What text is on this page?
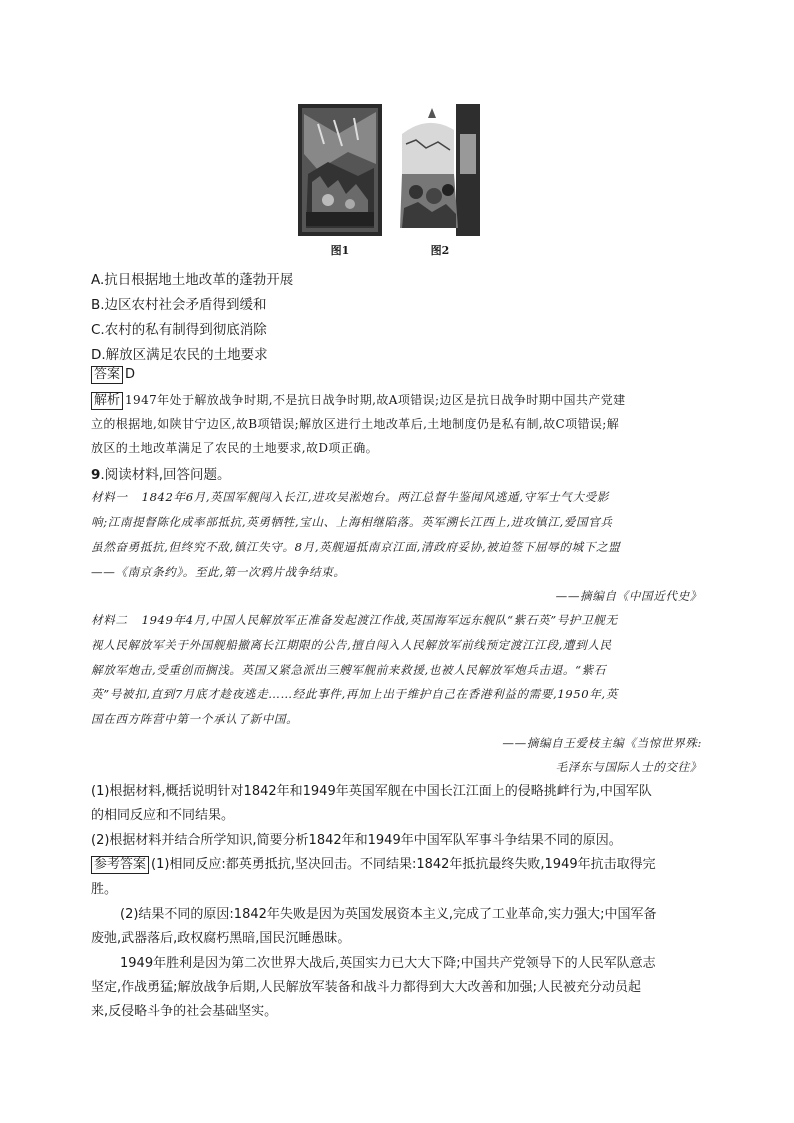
图1	图2
A.抗日根据地土地改革的蓬勃开展
B.边区农村社会矛盾得到缓和
C.农村的私有制得到彻底消除
D.解放区满足农民的土地要求
答案 D
解析 1947年处于解放战争时期,不是抗日战争时期,故A项错误;边区是抗日战争时期中国共产党建
立的根据地,如陕甘宁边区,故B项错误;解放区进行土地改革后,土地制度仍是私有制,故C项错误;解
放区的土地改革满足了农民的土地要求,故D项正确。
9.阅读材料,回答问题。
材料一 1842年6月,英国军舰闯入长江,进攻吴淞炮台。两江总督牛鉴闻风逃遁,守军士气大受影
响;江南提督陈化成率部抵抗,英勇牺牲,宝山、上海相继陷落。英军溯长江西上,进攻镇江,爱国官兵
虽然奋勇抵抗,但终究不敌,镇江失守。8月,英舰逼抵南京江面,清政府妥协,被迫签下屈辱的城下之盟
——《南京条约》。至此,第一次鸦片战争结束。
——摘编自《中国近代史》
材料二 1949年4月,中国人民解放军正准备发起渡江作战,英国海军远东舰队“紫石英”号护卫舰无
视人民解放军关于外国舰船撤离长江期限的公告,擅自闯入人民解放军前线预定渡江江段,遭到人民
解放军炮击,受重创而搁浅。英国又紧急派出三艘军舰前来救援,也被人民解放军炮兵击退。“紫石
英”号被扣,直到7月底才趁夜逃走……经此事件,再加上出于维护自己在香港利益的需要,1950年,英
国在西方阵营中第一个承认了新中国。
——摘编自王爱枝主编《当惊世界殊:
毛泽东与国际人士的交往》
(1)根据材料,概括说明针对1842年和1949年英国军舰在中国长江江面上的侵略挑衅行为,中国军队
的相同反应和不同结果。
(2)根据材料并结合所学知识,简要分析1842年和1949年中国军队军事斗争结果不同的原因。
参考答案 (1)相同反应:都英勇抵抗,坚决回击。不同结果:1842年抵抗最终失败,1949年抗击取得完
胜。
(2)结果不同的原因:1842年失败是因为英国发展资本主义,完成了工业革命,实力强大;中国军备
废弛,武器落后,政权腐朽黑暗,国民沉睡愚昧。
1949年胜利是因为第二次世界大战后,英国实力已大大下降;中国共产党领导下的人民军队意志
坚定,作战勇猛;解放战争后期,人民解放军装备和战斗力都得到大大改善和加强;人民被充分动员起
来,反侵略斗争的社会基础坚实。
